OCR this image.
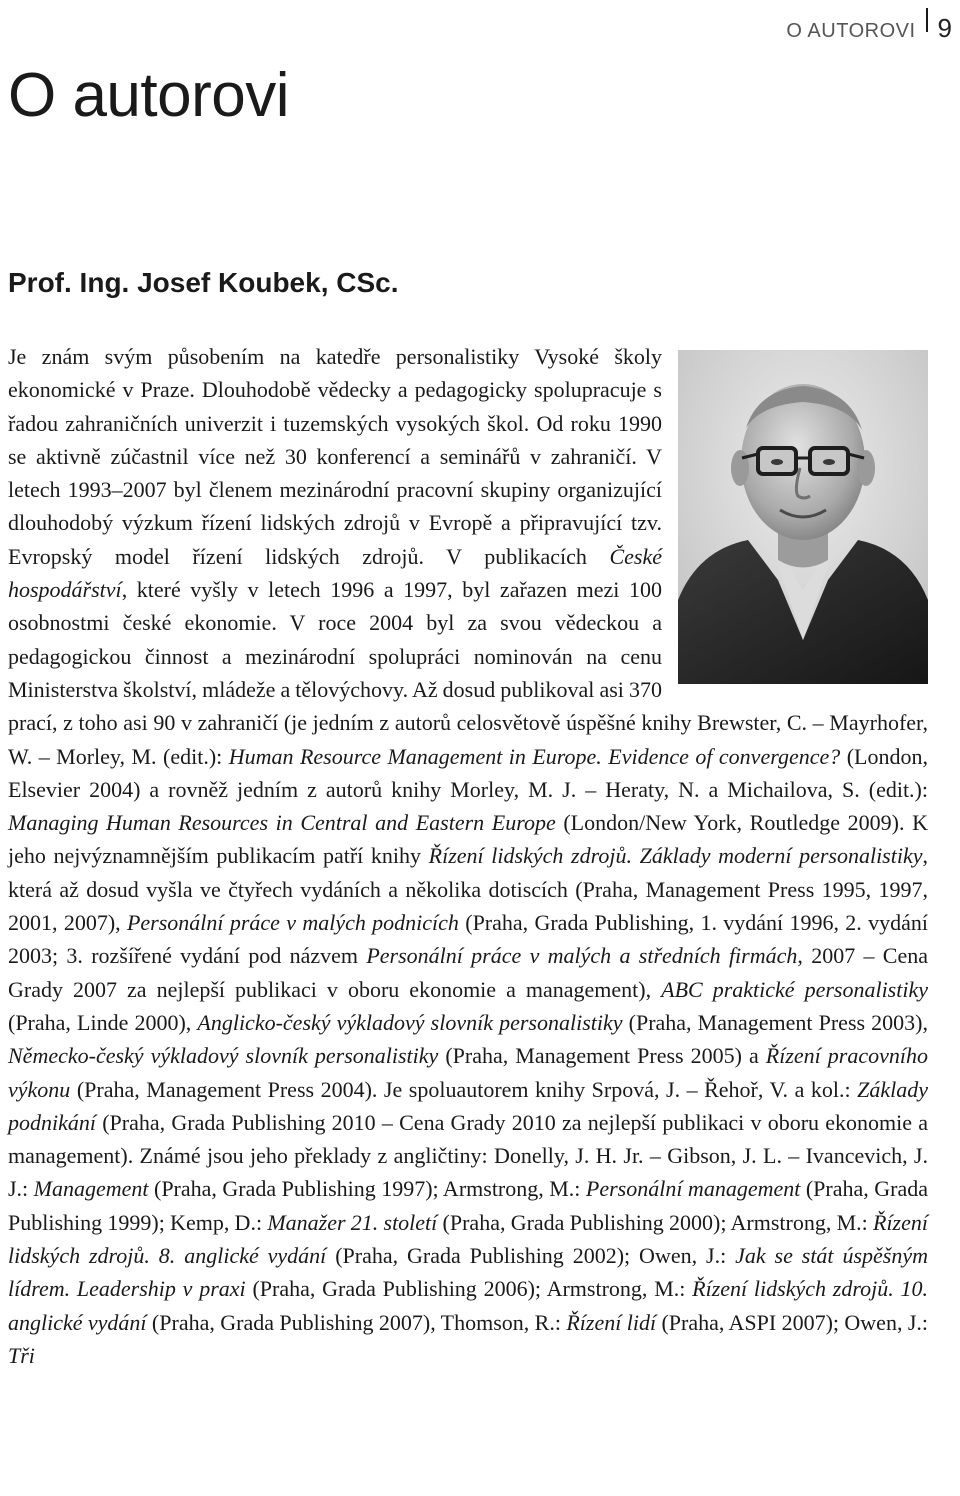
O AUTOROVI 9
O autorovi
Prof. Ing. Josef Koubek, CSc.

Je znám svým působením na katedře personalistiky Vysoké školy ekonomické v Praze. Dlouhodobě vědecky a pedagogicky spolupracuje s řadou zahraničních univerzit i tuzemských vysokých škol. Od roku 1990 se aktivně zúčastnil více než 30 konferencí a seminářů v zahraničí. V letech 1993–2007 byl členem mezinárodní pracovní skupiny organizující dlouhodobý výzkum řízení lidských zdrojů v Evropě a připravující tzv. Evropský model řízení lidských zdrojů. V publikacích České hospodářství, které vyšly v letech 1996 a 1997, byl zařazen mezi 100 osobnostmi české ekonomie. V roce 2004 byl za svou vědeckou a pedagogickou činnost a mezinárodní spolupráci nominován na cenu Ministerstva školství, mládeže a tělovýchovy. Až dosud publikoval asi 370 prací, z toho asi 90 v zahraničí (je jedním z autorů celosvětově úspěšné knihy Brewster, C. – Mayrhofer, W. – Morley, M. (edit.): Human Resource Management in Europe. Evidence of convergence? (London, Elsevier 2004) a rovněž jedním z autorů knihy Morley, M. J. – Heraty, N. a Michailova, S. (edit.): Managing Human Resources in Central and Eastern Europe (London/New York, Routledge 2009). K jeho nejvýznamnějším publikacím patří knihy Řízení lidských zdrojů. Základy moderní personalistiky, která až dosud vyšla ve čtyřech vydáních a několika dotiscích (Praha, Management Press 1995, 1997, 2001, 2007), Personální práce v malých podnicích (Praha, Grada Publishing, 1. vydání 1996, 2. vydání 2003; 3. rozšířené vydání pod názvem Personální práce v malých a středních firmách, 2007 – Cena Grady 2007 za nejlepší publikaci v oboru ekonomie a management), ABC praktické personalistiky (Praha, Linde 2000), Anglicko-český výkladový slovník personalistiky (Praha, Management Press 2003), Německo-český výkladový slovník personalistiky (Praha, Management Press 2005) a Řízení pracovního výkonu (Praha, Management Press 2004). Je spoluautorem knihy Srpová, J. – Řehoř, V. a kol.: Základy podnikání (Praha, Grada Publishing 2010 – Cena Grady 2010 za nejlepší publikaci v oboru ekonomie a management). Známé jsou jeho překlady z angličtiny: Donelly, J. H. Jr. – Gibson, J. L. – Ivancevich, J. J.: Management (Praha, Grada Publishing 1997); Armstrong, M.: Personální management (Praha, Grada Publishing 1999); Kemp, D.: Manažer 21. století (Praha, Grada Publishing 2000); Armstrong, M.: Řízení lidských zdrojů. 8. anglické vydání (Praha, Grada Publishing 2002); Owen, J.: Jak se stát úspěšným lídrem. Leadership v praxi (Praha, Grada Publishing 2006); Armstrong, M.: Řízení lidských zdrojů. 10. anglické vydání (Praha, Grada Publishing 2007), Thomson, R.: Řízení lidí (Praha, ASPI 2007); Owen, J.: Tři
